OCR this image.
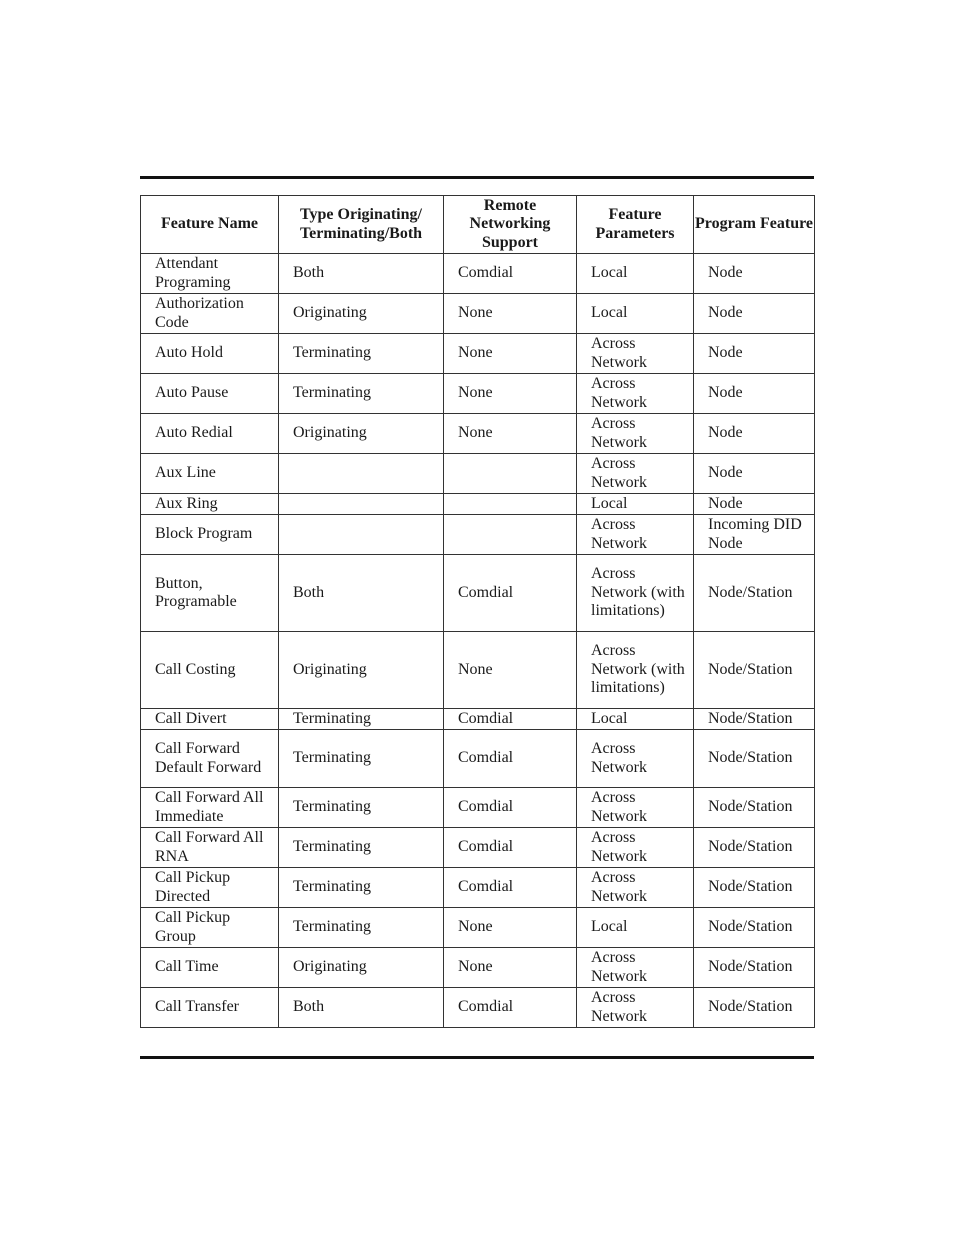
Feature Name	Type Originating/ Terminating/Both	Remote Networking Support	Feature Parameters	Program Feature
Attendant Programing	Both	Comdial	Local	Node
Authorization Code	Originating	None	Local	Node
Auto Hold	Terminating	None	Across Network	Node
Auto Pause	Terminating	None	Across Network	Node
Auto Redial	Originating	None	Across Network	Node
Aux Line			Across Network	Node
Aux Ring			Local	Node
Block Program			Across Network	Incoming DID Node
Button, Programable	Both	Comdial	Across Network (with limitations)	Node/Station
Call Costing	Originating	None	Across Network (with limitations)	Node/Station
Call Divert	Terminating	Comdial	Local	Node/Station
Call Forward Default Forward	Terminating	Comdial	Across Network	Node/Station
Call Forward All Immediate	Terminating	Comdial	Across Network	Node/Station
Call Forward All RNA	Terminating	Comdial	Across Network	Node/Station
Call Pickup Directed	Terminating	Comdial	Across Network	Node/Station
Call Pickup Group	Terminating	None	Local	Node/Station
Call Time	Originating	None	Across Network	Node/Station
Call Transfer	Both	Comdial	Across Network	Node/Station
